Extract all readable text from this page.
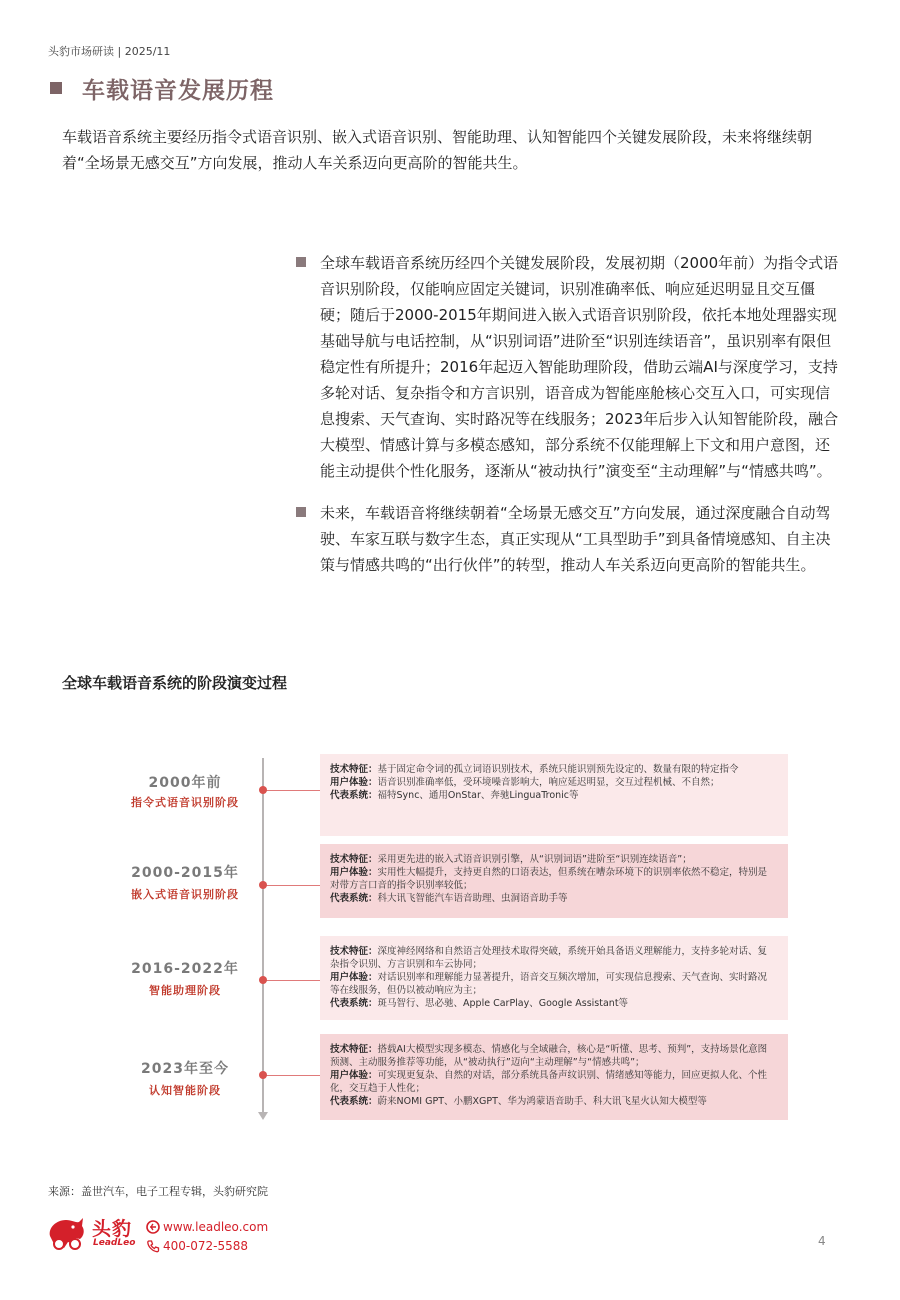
头豹市场研读 | 2025/11
车载语音发展历程
车载语音系统主要经历指令式语音识别、嵌入式语音识别、智能助理、认知智能四个关键发展阶段，未来将继续朝着“全场景无感交互”方向发展，推动人车关系迈向更高阶的智能共生。
全球车载语音系统历经四个关键发展阶段，发展初期（2000年前）为指令式语音识别阶段，仅能响应固定关键词，识别准确率低、响应延迟明显且交互僵硬；随后于2000-2015年期间进入嵌入式语音识别阶段，依托本地处理器实现基础导航与电话控制，从“识别词语”进阶至“识别连续语音”，虽识别率有限但稳定性有所提升；2016年起迈入智能助理阶段，借助云端AI与深度学习，支持多轮对话、复杂指令和方言识别，语音成为智能座舱核心交互入口，可实现信息搜索、天气查询、实时路况等在线服务；2023年后步入认知智能阶段，融合大模型、情感计算与多模态感知，部分系统不仅能理解上下文和用户意图，还能主动提供个性化服务，逐渐从“被动执行”演变至“主动理解”与“情感共鸣”。
未来，车载语音将继续朝着“全场景无感交互”方向发展，通过深度融合自动驾驶、车家互联与数字生态，真正实现从“工具型助手”到具备情境感知、自主决策与情感共鸣的“出行伙伴”的转型，推动人车关系迈向更高阶的智能共生。
全球车载语音系统的阶段演变过程
2000年前
指令式语音识别阶段
技术特征：基于固定命令词的孤立词语识别技术，系统只能识别预先设定的、数量有限的特定指令
用户体验：语音识别准确率低，受环境噪音影响大，响应延迟明显，交互过程机械、不自然；
代表系统：福特Sync、通用OnStar、奔驰LinguaTronic等
2000-2015年
嵌入式语音识别阶段
技术特征：采用更先进的嵌入式语音识别引擎，从“识别词语”进阶至“识别连续语音”；
用户体验：实用性大幅提升，支持更自然的口语表达，但系统在嘈杂环境下的识别率依然不稳定，特别是对带方言口音的指令识别率较低；
代表系统：科大讯飞智能汽车语音助理、虫洞语音助手等
2016-2022年
智能助理阶段
技术特征：深度神经网络和自然语言处理技术取得突破，系统开始具备语义理解能力，支持多轮对话、复杂指令识别、方言识别和车云协同；
用户体验：对话识别率和理解能力显著提升，语音交互频次增加，可实现信息搜索、天气查询、实时路况等在线服务，但仍以被动响应为主；
代表系统：斑马智行、思必驰、Apple CarPlay、Google Assistant等
2023年至今
认知智能阶段
技术特征：搭载AI大模型实现多模态、情感化与全域融合，核心是“听懂、思考、预判”，支持场景化意图预测、主动服务推荐等功能，从“被动执行”迈向“主动理解”与“情感共鸣”；
用户体验：可实现更复杂、自然的对话，部分系统具备声纹识别、情绪感知等能力，回应更拟人化、个性化，交互趋于人性化；
代表系统：蔚来NOMI GPT、小鹏XGPT、华为鸿蒙语音助手、科大讯飞星火认知大模型等
来源：盖世汽车，电子工程专辑，头豹研究院
头豹
LeadLeo
www.leadleo.com
400-072-5588	4
